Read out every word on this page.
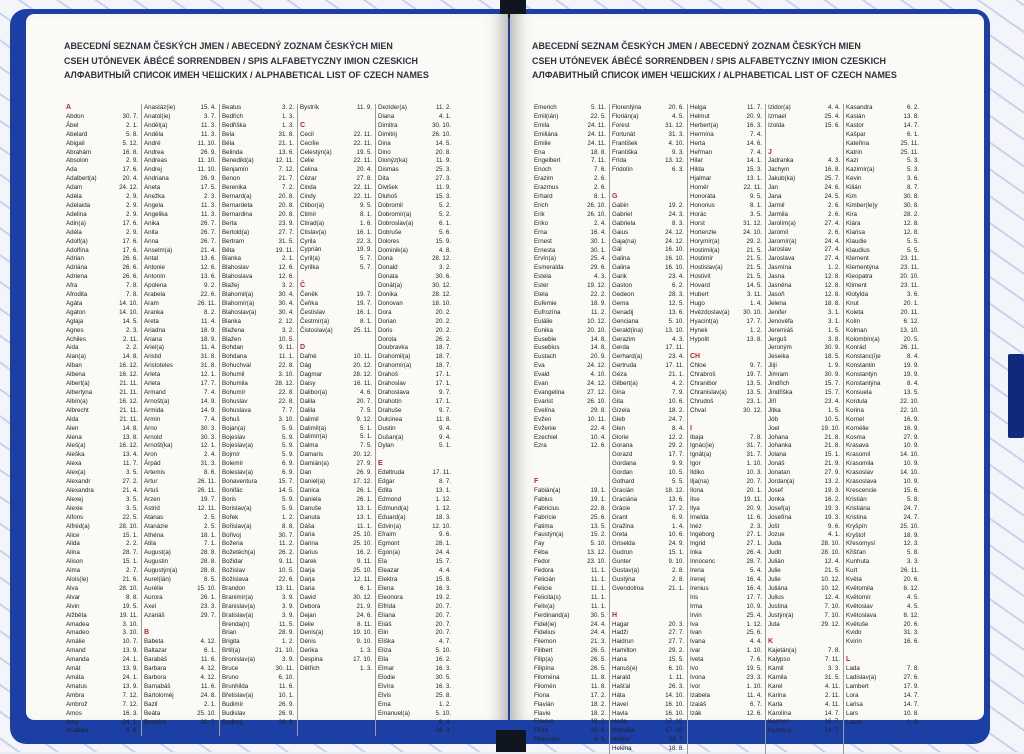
ABECEDNÍ SEZNAM ČESKÝCH JMEN / ABECEDNÝ ZOZNAM ČESKÝCH MIEN
CSEH UTÓNEVEK ÁBÉCÉ SORRENDBEN / SPIS ALFABETYCZNY IMION CZESKICH
АЛФАВИТНЫЙ СПИСОК ИМЕН ЧЕШСКИХ / ALPHABETICAL LIST OF CZECH NAMES
A
Abdon	30. 7.
Ábel	2. 1.
Abelard	5. 8.
Abigail	5. 12.
Abrahám	16. 8.
Absolon	2. 9.
Ada	17. 6.
Adalbert(a)	20. 4.
Adam	24. 12.
Adéla	2. 9.
Adelaida	2. 9.
Adelina	2. 9.
Adin(a)	17. 6.
Adéla	2. 9.
Adolf(a)	17. 6.
Adolfína	17. 6.
Adrian	26. 6.
Adriána	26. 6.
Adriena	26. 6.
Afra	7. 8.
Afrodita	7. 8.
Agáta	14. 10.
Agaton	14. 10.
Aglaja	14. 5.
Agnes	2. 3.
Achiles	2. 11.
Aida	2. 2.
Alan(a)	14. 8.
Alban	16. 12.
Albena	16. 12.
Albert(a)	21. 11.
Albertýna	21. 11.
Albín(a)	16. 12.
Albrecht	21. 11.
Alda	21. 11.
Alen	14. 8.
Alena	13. 8.
Aleš(a)	16. 12.
Aleška	13. 4.
Alexa	11. 7.
Alex(a)	3. 5.
Alexandr	27. 2.
Alexandra	21. 4.
Alexej	3. 5.
Alexie	3. 5.
Alfons	22. 5.
Alfréd(a)	28. 10.
Alice	15. 1.
Alida	2. 2.
Alina	28. 7.
Alison	15. 1.
Alma	2. 7.
Alois(ie)	21. 6.
Alva	28. 10.
Alvar	8. 8.
Alvin	19. 5.
Alžběta	19. 11.
Amadea	3. 10.
Amadeo	3. 10.
Amálie	10. 7.
Amand	13. 9.
Amanda	24. 1.
Amát	13. 9.
Amáta	24. 1.
Amatus	13. 9.
Ambra	7. 12.
Ambrož	7. 12.
Amos	16. 3.
Amy	24. 1.
Anabela	9. 6.
Anastáz(ie)	15. 4.
Anatol(ie)	3. 7.
Anděl(a)	11. 3.
Anděla	11. 3.
André	11. 10.
Andrea	26. 9.
Andreas	11. 10.
Andrej	11. 10.
Andriana	26. 9.
Aneta	17. 5.
Anežka	2. 3.
Angela	11. 3.
Angelika	11. 3.
Anika	26. 7.
Anita	26. 7.
Anna	26. 7.
Anselm(a)	21. 4.
Antal	13. 6.
Antonie	12. 6.
Antonín	13. 6.
Apolena	9. 2.
Arabela	22. 6.
Aram	26. 11.
Aranka	8. 2.
Areta	11. 4.
Ariadna	18. 9.
Ariana	18. 9.
Ariel(a)	11. 4.
Aristid	31. 8.
Aristoteles	31. 8.
Arleta	12. 1.
Arleta	17. 7.
Armand	7. 4.
Arnošt(a)	14. 9.
Armida	14. 9.
Armin	7. 4.
Arno	30. 3.
Arnold	30. 3.
Arnošt(ka)	12. 1.
Aron	2. 4.
Árpád	31. 3.
Artemis	8. 6.
Artur	26. 11.
Artuš	26. 11.
Arzen	19. 7.
Astrid	12. 11.
Atanas	2. 5.
Atanázie	2. 5.
Athéna	18. 1.
Atila	7. 1.
August(a)	28. 8.
Augustin	28. 8.
Augustýn(a)	28. 8.
Aurel(ián)	8. 5.
Aurélie	15. 10.
Aurora	26. 1.
Axel	23. 3.
Azariáš	29. 7.
B
Babeta	4. 12.
Baltazar	6. 1.
Barabáš	11. 6.
Barbara	4. 12.
Barbora	4. 12.
Barnabáš	11. 6.
Bartoloměj	24. 8.
Bazil	2. 1.
Beáta	25. 10.
Beatrice	29. 7.
Beatus	3. 2.
Bedřich	1. 3.
Bedřiška	1. 3.
Bela	31. 8.
Běla	21. 1.
Belinda	13. 6.
Benedikt(a)	12. 11.
Benjamín	7. 12.
Benon	21. 7.
Berenika	7. 2.
Bernard(a)	20. 8.
Bernardeta	20. 8.
Bernardina	20. 8.
Berta	23. 9.
Bertold(a)	27. 7.
Bertram	31. 5.
Běta	19. 11.
Bianka	2. 1.
Blahoslav	12. 6.
Blahoslava	12. 6.
Blažej	3. 2.
Blahomil(a)	30. 4.
Blahomír(a)	30. 4.
Blahoslav(a)	30. 4.
Blanka	2. 12.
Blažena	3. 2.
Blažen	10. 5.
Bohdan	9. 11.
Bohdana	11. 1.
Bohuchval	22. 8.
Bohumil	3. 10.
Bohumila	28. 12.
Bohumír	22. 8.
Bohuslav	22. 8.
Bohuslava	7. 7.
Bohuš	3. 10.
Bojan(a)	5. 9.
Bojeslav	5. 9.
Bojeslav(a)	5. 9.
Bojmír	5. 9.
Bolemír	6. 9.
Boleslav(a)	6. 9.
Bonaventura	15. 7.
Bonifác	14. 5.
Boris	5. 9.
Borislav(a)	5. 9.
Bořek	1. 2.
Bořislav(a)	8. 8.
Bořivoj	30. 7.
Božena	11. 2.
Božetěch(a)	26. 2.
Božidar	9. 11.
Božislav	10. 5.
Božislava	22. 6.
Brandon	13. 11.
Branimír(a)	3. 9.
Branislav(a)	3. 9.
Bratislav(a)	3. 9.
Brenda(n)	11. 5.
Brian	28. 9.
Brigita	1. 2.
Brtil(a)	21. 10.
Bronislav(a)	3. 9.
Bruce	30. 11.
Bruno	6. 10.
Brunhilda	11. 6.
Břetislav(a)	10. 1.
Budimír	26. 9.
Budislav	26. 9.
Budivoj	26. 9.
Bystrík	11. 9.
C
Cecil	22. 11.
Cecílie	22. 11.
Celestýn(a)	19. 5.
Celie	22. 11.
Celina	20. 4.
Cézar	27. 8.
Cinda	22. 11.
Cindy	22. 11.
Ctibor(a)	9. 5.
Ctimír	8. 1.
Ctirad(a)	1. 6.
Ctislav(a)	16. 1.
Cyrila	22. 3.
Cyprián	19. 9.
Cyril(a)	5. 7.
Cyrilka	5. 7.
Č
Čeněk	19. 7.
Čeňka	19. 7.
Čestislav	16. 1.
Čestmír(a)	8. 1.
Čistoslav(a)	25. 11.
D
Dafné	10. 11.
Dág	20. 12.
Dagmar	28. 12.
Daisy	16. 11.
Dalibor(a)	4. 6.
Dalila	20. 7.
Dalila	7. 5.
Dalimil	9. 12.
Dalimil(a)	5. 1.
Dalimír(a)	5. 1.
Dalma	7. 5.
Damaris	20. 12.
Damián(a)	27. 9.
Dan	26. 9.
Daniel(a)	17. 12.
Danica	26. 1.
Daniela	26. 1.
Danuše	13. 1.
Danuta	13. 1.
Dáša	11. 1.
Daria	25. 10.
Darina	25. 10.
Darius	16. 2.
Darek	9. 11.
Darja	25. 10.
Darja	12. 11.
Daria	6. 1.
David	30. 12.
Debora	21. 9.
Dejan	24. 6.
Delie	8. 11.
Denis(a)	19. 10.
Dénis	9. 10.
Derika	1. 3.
Despina	17. 10.
Dětřich	1. 3.
Dezider(a)	11. 2.
Diana	4. 1.
Dimitra	30. 10.
Dimitrij	26. 10.
Dina	14. 5.
Dino	20. 8.
Dionýz(ka)	11. 9.
Dismas	25. 3.
Dita	27. 3.
Divišek	11. 9.
Dluhoš	15. 3.
Dobromil	5. 2.
Dobromír(a)	5. 2.
Dobroslav(a)	6. 1.
Dobruše	5. 6.
Dolores	15. 9.
Dominik(a)	4. 8.
Dona	28. 12.
Donald	3. 2.
Donata	30. 6.
Donát(a)	30. 12.
Donika	28. 12.
Donovan	18. 10.
Dora	20. 2.
Dorian	20. 2.
Doris	20. 2.
Dorota	26. 2.
Doubravka	18. 7.
Drahomil(a)	18. 7.
Drahomír(a)	18. 7.
Drahoš	17. 1.
Drahoslav	17. 1.
Drahoslava	9. 7.
Drahotín	17. 1.
Drahuše	9. 7.
Dulcinea	11. 8.
Dustin	9. 4.
Dušan(a)	9. 4.
Dylan	5. 1.
E
Edeltruda	17. 11.
Edgar	8. 7.
Edita	13. 1.
Edmond	1. 12.
Edmund(a)	1. 12.
Eduard(a)	18. 3.
Edvin(a)	12. 10.
Efraim	9. 6.
Egmont	28. 1.
Egon(a)	24. 4.
Ela	15. 7.
Eleazar	4. 4.
Elektra	15. 8.
Elena	16. 3.
Eleonora	19. 2.
Elfrida	20. 7.
Eliana	20. 7.
Eliáš	20. 7.
Elin	20. 7.
Eliška	4. 7.
Eliza	5. 10.
Ella	16. 2.
Elmar	16. 3.
Elodie	30. 5.
Elvíra	16. 3.
Elvis	25. 8.
Ema	1. 2.
Emanuel(a)	5. 10.
8. 4.
26. 3.
ABECEDNÍ SEZNAM ČESKÝCH JMEN / ABECEDNÝ ZOZNAM ČESKÝCH MIEN
CSEH UTÓNEVEK ÁBÉCÉ SORRENDBEN / SPIS ALFABETYCZNY IMION CZESKICH
АЛФАВИТНЫЙ СПИСОК ИМЕН ЧЕШСКИХ / ALPHABETICAL LIST OF CZECH NAMES
Emerich	5. 11.
Emil(ián)	22. 5.
Emila	24. 11.
Emiliána	24. 11.
Emilie	24. 11.
Ena	18. 8.
Engelbert	7. 11.
Enoch	7. 6.
Erazim	2. 6.
Erazmus	2. 6.
Erhard	8. 1.
Erich	26. 10.
Erik	26. 10.
Eriko	2. 4.
Erna	16. 4.
Ernest	30. 1.
Ernesta	30. 1.
Ervín(a)	25. 4.
Esmeralda	29. 6.
Estela	4. 3.
Ester	19. 12.
Etela	22. 2.
Eufemie	18. 9.
Eufrozína	11. 2.
Eulálie	10. 12.
Eunika	20. 10.
Eusebie	14. 8.
Eusebius	14. 8.
Eustach	20. 9.
Eva	24. 12.
Evald	4. 10.
Evan	24. 12.
Evangelina	27. 12.
Evarist	26. 10.
Evelína	29. 8.
Evžen	10. 11.
Evženie	22. 4.
Ezechiel	10. 4.
Ezra	12. 6.
F
Fabián(a)	19. 1.
Fabius	19. 1.
Fabricius	22. 8.
Fabrície	25. 6.
Fatima	13. 5.
Faustýn(a)	15. 2.
Fay	5. 10.
Féba	13. 12.
Fedor	23. 10.
Fedora	11. 1.
Felicián	11. 1.
Felicie	11. 1.
Felicita(s)	11. 1.
Felix(a)	11. 1.
Ferdinand(a)	30. 5.
Fidel(ie)	24. 4.
Fidelius	24. 4.
Filemon	21. 3.
Filibert	26. 5.
Filip(a)	26. 5.
Filipína	26. 5.
Filoména	11. 8.
Filomén	11. 8.
Fiona	17. 2.
Flavián	18. 2.
Flavie	18. 2.
Flavius	18. 2.
Flóra	20. 6.
Florentýn	4. 5.
Florentýna	20. 6.
Florián(a)	4. 5.
Forest	31. 12.
Fortunát	31. 3.
František	4. 10.
Františka	9. 3.
Frída	13. 12.
Fridolín	6. 3.
G
Gabin	19. 2.
Gabriel	24. 3.
Gabriela	8. 3.
Gaius	24. 12.
Gaja(na)	24. 12.
Gál	16. 10.
Galina	16. 10.
Galina	16. 10.
Garik	23. 4.
Gaston	6. 2.
Gedeon	28. 3.
Gema	12. 5.
Genadij	13. 6.
Genciana	5. 10.
Gerald(ina)	13. 10.
Gerazim	4. 3.
Gerda	17. 11.
Gerhard(a)	23. 4.
Gertruda	17. 11.
Géza	21. 1.
Gilbert(a)	4. 2.
Gina	7. 9.
Gita	10. 6.
Gízela	18. 2.
Gleb	24. 7.
Glen	8. 4.
Glorie	12. 2.
Gorana	29. 2.
Gorazd	17. 7.
Gordana	9. 9.
Gordan	10. 5.
Gothard	5. 5.
Gracián	18. 12.
Graciána	13. 6.
Grácie	17. 2.
Grant	6. 9.
Gražina	1. 4.
Greta	10. 6.
Griselda	24. 9.
Gudrun	15. 1.
Gunter	9. 10.
Gustav(a)	2. 8.
Gustýna	2. 8.
Gvendolína	21. 1.
H
Hagar	20. 3.
Hadži	27. 7.
Haidrun	27. 7.
Hamilton	29. 2.
Hana	15. 5.
Hanuš(e)	6. 10.
Harald	1. 11.
Hašťal	26. 3.
Háta	14. 10.
Havel	16. 10.
Havla	16. 10.
Heda	17. 10.
Hedvika	17. 10.
Hektor	23. 7.
Helena	18. 8.
Helga	11. 7.
Helmut	20. 9.
Herbert(a)	16. 3.
Hermína	7. 4.
Herta	14. 6.
Heřman	7. 4.
Hilar	14. 1.
Hilda	15. 3.
Hjalmar	13. 1.
Homér	22. 11.
Honoráta	9. 5.
Honorius	8. 1.
Horác	3. 5.
Horst	31. 12.
Hortenzie	24. 10.
Horymír(a)	29. 2.
Hostimil(a)	21. 5.
Hostimír	21. 5.
Hostislav(a)	21. 5.
Hostivít	21. 5.
Hovard	14. 5.
Hubert	3. 11.
Hugo	1. 4.
Hvězdoslav(a)	30. 10.
Hyacint(a)	17. 7.
Hynek	1. 2.
Hypolit	13. 8.
CH
Chloe	9. 7.
Chrabroš	19. 7.
Chranibor	13. 5.
Chranislav(a)	13. 5.
Chrudoš	23. 1.
Chval	30. 12.
I
Ibaja	7. 8.
Ignác(ie)	31. 7.
Ignát(a)	31. 7.
Igor	1. 10.
Ildiko	10. 3.
Ilja(na)	20. 7.
Ilona	20. 1.
Ilse	19. 11.
Ilya	20. 9.
Imelda	11. 6.
Inéz	2. 3.
Ingeborg	27. 1.
Ingrid	27. 1.
Inka	26. 4.
Innocenc	28. 7.
Irena	5. 4.
Irenej	16. 4.
Irenius	16. 4.
Iris	17. 7.
Irma	10. 9.
Irvin	25. 4.
Iva	1. 12.
Ivan	25. 6.
Ivana	4. 4.
Ivar	1. 10.
Iveta	7. 6.
Ivo	19. 5.
Ivona	23. 3.
Ivor	1. 10.
Izabela	11. 4.
Izaiáš	6. 7.
Izák	12. 6.
Izidor(a)	4. 4.
Izmael	25. 4.
Izolda	15. 6.
J
Jadranka	4. 3.
Jachym	16. 8.
Jakub(ka)	25. 7.
Jan	24. 6.
Jana	24. 5.
Jarmil	2. 6.
Jarmila	2. 6.
Jarolím(a)	27. 4.
Jaromil	2. 6.
Jaromír(a)	24. 4.
Jaroslav	27. 4.
Jaroslava	27. 4.
Jasmína	1. 2.
Jasna	12. 8.
Jasněna	12. 8.
Jasoň	12. 8.
Jelena	18. 8.
Jenifer	3. 1.
Jenovéfa	3. 1.
Jeremiáš	1. 5.
Jerguš	3. 8.
Jeroným	30. 9.
Jeseika	18. 5.
Jiljí	1. 9.
Jimram	30. 9.
Jindřich	15. 7.
Jindřiška	15. 7.
Jiří	23. 4.
Jitka	1. 5.
Jób	10. 5.
Joel	19. 10.
Johana	21. 8.
Johanka	21. 8.
Jolana	15. 1.
Jonáš	21. 9.
Jonatan	27. 9.
Jordan(a)	13. 2.
Josef	19. 3.
Jonka	16. 2.
Josef(a)	19. 3.
Josefína	19. 3.
Jošt	9. 6.
Jozue	4. 1.
Juda	28. 10.
Judit	28. 10.
Julián	12. 4.
Julie	21. 5.
Julie	10. 12.
Juliána	10. 12.
Julius	12. 4.
Justina	7. 10.
Justýn(a)	7. 10.
Juta	29. 12.
K
Kajetán(a)	7. 8.
Kalypso	7. 11.
Kamil	3. 3.
Kamila	31. 5.
Karel	4. 11.
Karina	2. 11.
Karla	4. 11.
Karolína	14. 7.
Karmen	16. 7.
Karolína	14. 7.
Kasandra	6. 2.
Kasián	13. 8.
Kastor	14. 7.
Kašpar	6. 1.
Kateřina	25. 11.
Katrin	25. 11.
Kazi	5. 3.
Kazimír(a)	5. 3.
Kevin	3. 6.
Kilián	8. 7.
Kim	30. 8.
Kimber(le)y	30. 8.
Kira	28. 2.
Klára	12. 8.
Klarisa	12. 8.
Klaudie	5. 5.
Klaudius	5. 5.
Klement	23. 11.
Klementýna	23. 11.
Kleopatra	20. 10.
Kliment	23. 11.
Klotylda	3. 6.
Knut	20. 1.
Koleta	20. 11.
Kolín	6. 12.
Kolman	13. 10.
Kolombín(a)	20. 5.
Konrád	26. 11.
Konstanc(i)e	8. 4.
Konstantin	19. 9.
Konstantýn	19. 9.
Konstantýna	8. 4.
Konsuela	13. 5.
Kordula	22. 10.
Korina	22. 10.
Kornel	16. 9.
Kornélie	16. 9.
Kosma	27. 9.
Krasava	10. 9.
Krasomil	14. 10.
Krasomila	10. 9.
Krasoslav	14. 10.
Krasoslava	10. 9.
Krescencie	15. 6.
Kristián	5. 8.
Kristiána	24. 7.
Kristina	24. 7.
Kryšpín	25. 10.
Kryštof	18. 9.
Křesomysl	12. 3.
Křišťan	5. 8.
Kunhuta	3. 3.
Kurt	26. 11.
Květa	20. 6.
Květomila	8. 12.
Květomír	4. 5.
Květoslav	4. 5.
Květoslava	8. 12.
Květuše	20. 6.
Kvido	31. 3.
Kvirín	16. 6.
L
Lada	7. 8.
Ladislav(a)	27. 6.
Lambert	17. 9.
Lora	14. 7.
Larisa	14. 7.
Lars	10. 8.
Laura	1. 6.
